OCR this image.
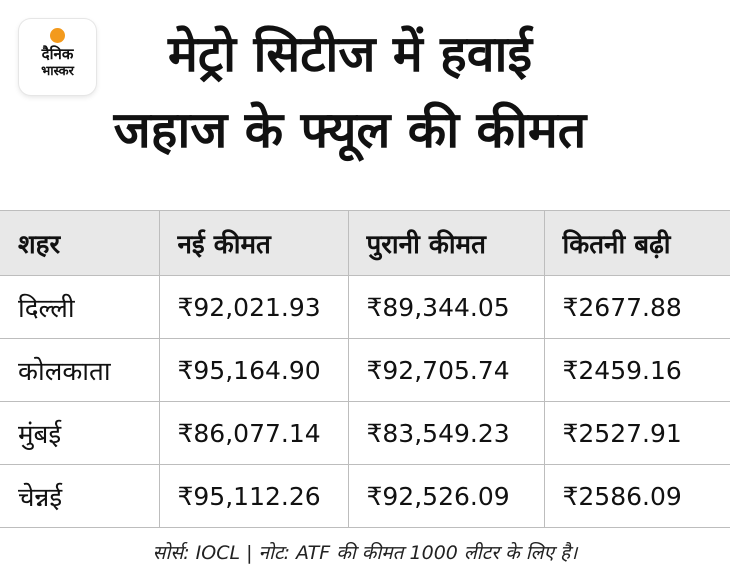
दैनिक
भास्कर	मेट्रो सिटीज में हवाई
जहाज के फ्यूल की कीमत
शहर	नई कीमत	पुरानी कीमत	कितनी बढ़ी
दिल्ली	₹92,021.93	₹89,344.05	₹2677.88
कोलकाता	₹95,164.90	₹92,705.74	₹2459.16
मुंबई	₹86,077.14	₹83,549.23	₹2527.91
चेन्नई	₹95,112.26	₹92,526.09	₹2586.09
सोर्स: IOCL | नोट: ATF की कीमत 1000 लीटर के लिए है।
